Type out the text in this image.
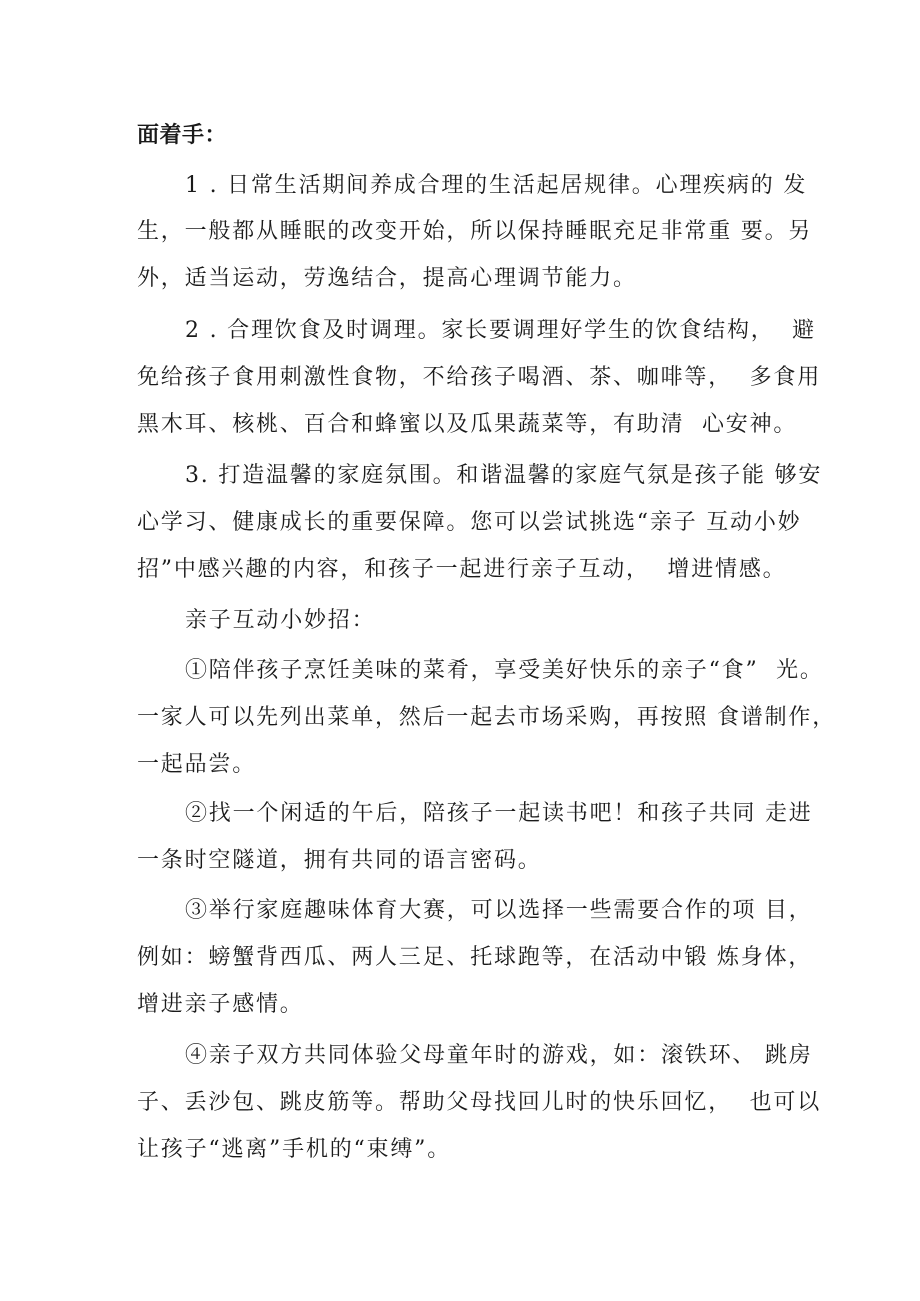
面着手：
1 . 日常生活期间养成合理的生活起居规律。心理疾病的 发
生，一般都从睡眠的改变开始，所以保持睡眠充足非常重 要。另
外，适当运动，劳逸结合，提高心理调节能力。
2 . 合理饮食及时调理。家长要调理好学生的饮食结构，  避
免给孩子食用刺激性食物，不给孩子喝酒、茶、咖啡等，  多食用
黑木耳、核桃、百合和蜂蜜以及瓜果蔬菜等，有助清  心安神。
3. 打造温馨的家庭氛围。和谐温馨的家庭气氛是孩子能 够安
心学习、健康成长的重要保障。您可以尝试挑选“亲子 互动小妙
招”中感兴趣的内容，和孩子一起进行亲子互动，  增进情感。
亲子互动小妙招：
①陪伴孩子烹饪美味的菜肴，享受美好快乐的亲子“食”  光。
一家人可以先列出菜单，然后一起去市场采购，再按照 食谱制作，
一起品尝。
②找一个闲适的午后，陪孩子一起读书吧！和孩子共同 走进
一条时空隧道，拥有共同的语言密码。
③举行家庭趣味体育大赛，可以选择一些需要合作的项 目，
例如：螃蟹背西瓜、两人三足、托球跑等，在活动中锻 炼身体，
增进亲子感情。
④亲子双方共同体验父母童年时的游戏，如：滚铁环、 跳房
子、丢沙包、跳皮筋等。帮助父母找回儿时的快乐回忆，  也可以
让孩子“逃离”手机的“束缚”。
